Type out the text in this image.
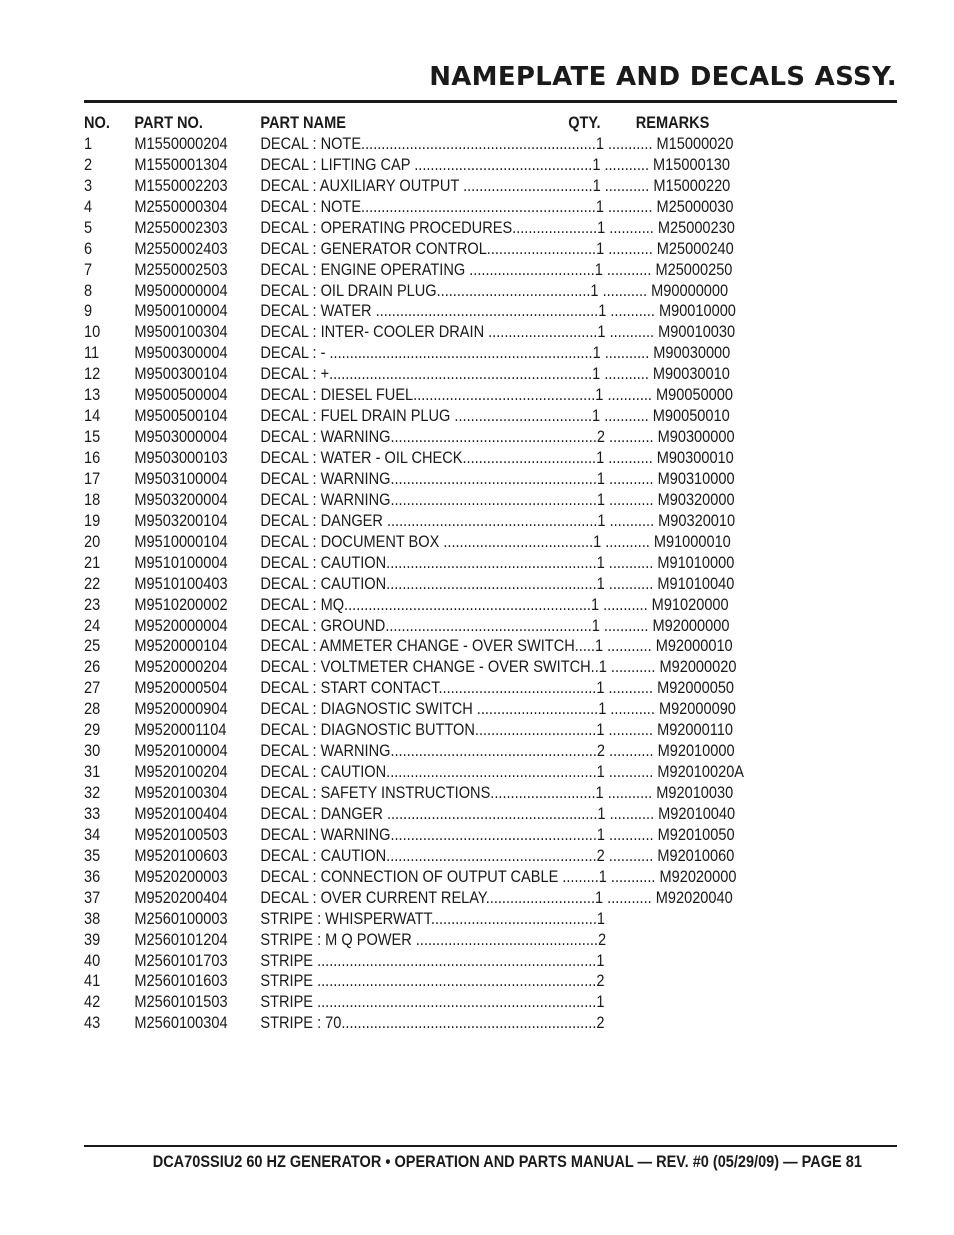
NAMEPLATE AND DECALS ASSY.
NO. PART NO.	PART NAME	QTY. REMARKS
1	M1550000204 DECAL : NOTE..........................................................1 ........... M15000020
2	M1550001304 DECAL : LIFTING CAP ............................................1 ........... M15000130
3	M1550002203 DECAL : AUXILIARY OUTPUT ................................1 ........... M15000220
4	M2550000304 DECAL : NOTE..........................................................1 ........... M25000030
5	M2550002303 DECAL : OPERATING PROCEDURES.....................1 ........... M25000230
6	M2550002403 DECAL : GENERATOR CONTROL...........................1 ........... M25000240
7	M2550002503 DECAL : ENGINE OPERATING ...............................1 ........... M25000250
8	M9500000004 DECAL : OIL DRAIN PLUG......................................1 ........... M90000000
9	M9500100004 DECAL : WATER .......................................................1 ........... M90010000
10 M9500100304 DECAL : INTER- COOLER DRAIN ...........................1 ........... M90010030
11 M9500300004 DECAL : - .................................................................1 ........... M90030000
12 M9500300104 DECAL : +.................................................................1 ........... M90030010
13 M9500500004 DECAL : DIESEL FUEL.............................................1 ........... M90050000
14 M9500500104 DECAL : FUEL DRAIN PLUG ..................................1 ........... M90050010
15 M9503000004 DECAL : WARNING...................................................2 ........... M90300000
16 M9503000103 DECAL : WATER - OIL CHECK.................................1 ........... M90300010
17 M9503100004 DECAL : WARNING...................................................1 ........... M90310000
18 M9503200004 DECAL : WARNING...................................................1 ........... M90320000
19 M9503200104 DECAL : DANGER ....................................................1 ........... M90320010
20 M9510000104 DECAL : DOCUMENT BOX .....................................1 ........... M91000010
21 M9510100004 DECAL : CAUTION....................................................1 ........... M91010000
22 M9510100403 DECAL : CAUTION....................................................1 ........... M91010040
23 M9510200002 DECAL : MQ.............................................................1 ........... M91020000
24 M9520000004 DECAL : GROUND...................................................1 ........... M92000000
25 M9520000104 DECAL : AMMETER CHANGE - OVER SWITCH.....1 ........... M92000010
26 M9520000204 DECAL : VOLTMETER CHANGE - OVER SWITCH..1 ........... M92000020
27 M9520000504 DECAL : START CONTACT.......................................1 ........... M92000050
28 M9520000904 DECAL : DIAGNOSTIC SWITCH ..............................1 ........... M92000090
29 M9520001104 DECAL : DIAGNOSTIC BUTTON..............................1 ........... M92000110
30 M9520100004 DECAL : WARNING...................................................2 ........... M92010000
31 M9520100204 DECAL : CAUTION....................................................1 ........... M92010020A
32 M9520100304 DECAL : SAFETY INSTRUCTIONS..........................1 ........... M92010030
33 M9520100404 DECAL : DANGER ....................................................1 ........... M92010040
34 M9520100503 DECAL : WARNING...................................................1 ........... M92010050
35 M9520100603 DECAL : CAUTION....................................................2 ........... M92010060
36 M9520200003 DECAL : CONNECTION OF OUTPUT CABLE .........1 ........... M92020000
37 M9520200404 DECAL : OVER CURRENT RELAY...........................1 ........... M92020040
38 M2560100003 STRIPE : WHISPERWATT.........................................1
39 M2560101204 STRIPE : M Q POWER .............................................2
40 M2560101703 STRIPE .....................................................................1
41 M2560101603 STRIPE .....................................................................2
42 M2560101503 STRIPE .....................................................................1
43 M2560100304 STRIPE : 70...............................................................2
DCA70SSIU2 60 HZ GENERATOR • OPERATION AND PARTS MANUAL — REV. #0 (05/29/09) — PAGE 81
